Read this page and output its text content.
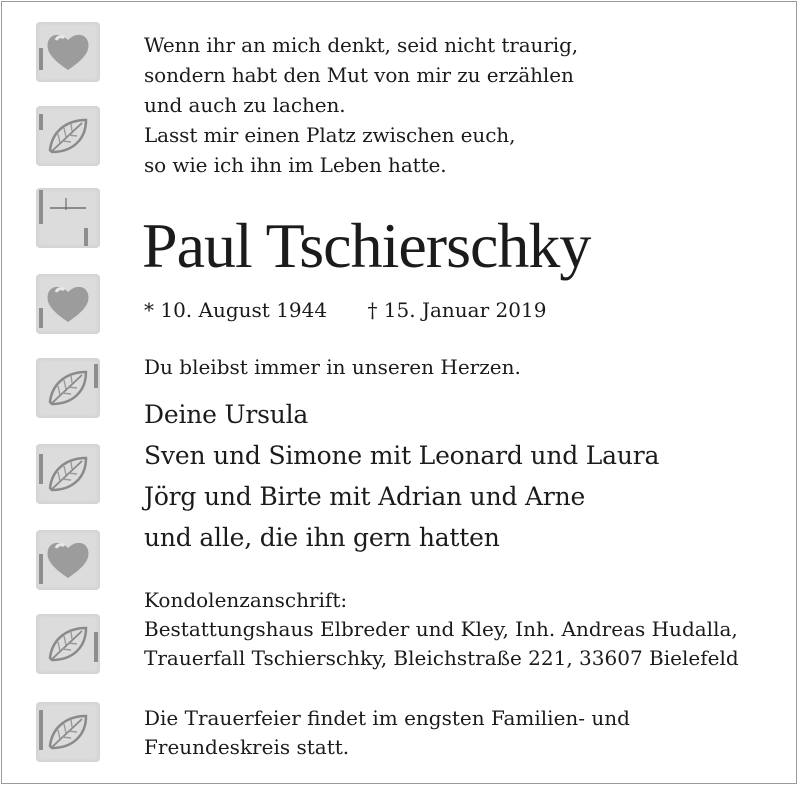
Wenn ihr an mich denkt, seid nicht traurig,
sondern habt den Mut von mir zu erzählen
und auch zu lachen.
Lasst mir einen Platz zwischen euch,
so wie ich ihn im Leben hatte.
Paul Tschierschky
* 10. August 1944 † 15. Januar 2019
Du bleibst immer in unseren Herzen.
Deine Ursula
Sven und Simone mit Leonard und Laura
Jörg und Birte mit Adrian und Arne
und alle, die ihn gern hatten
Kondolenzanschrift:
Bestattungshaus Elbreder und Kley, Inh. Andreas Hudalla,
Trauerfall Tschierschky, Bleichstraße 221, 33607 Bielefeld
Die Trauerfeier findet im engsten Familien- und
Freundeskreis statt.
